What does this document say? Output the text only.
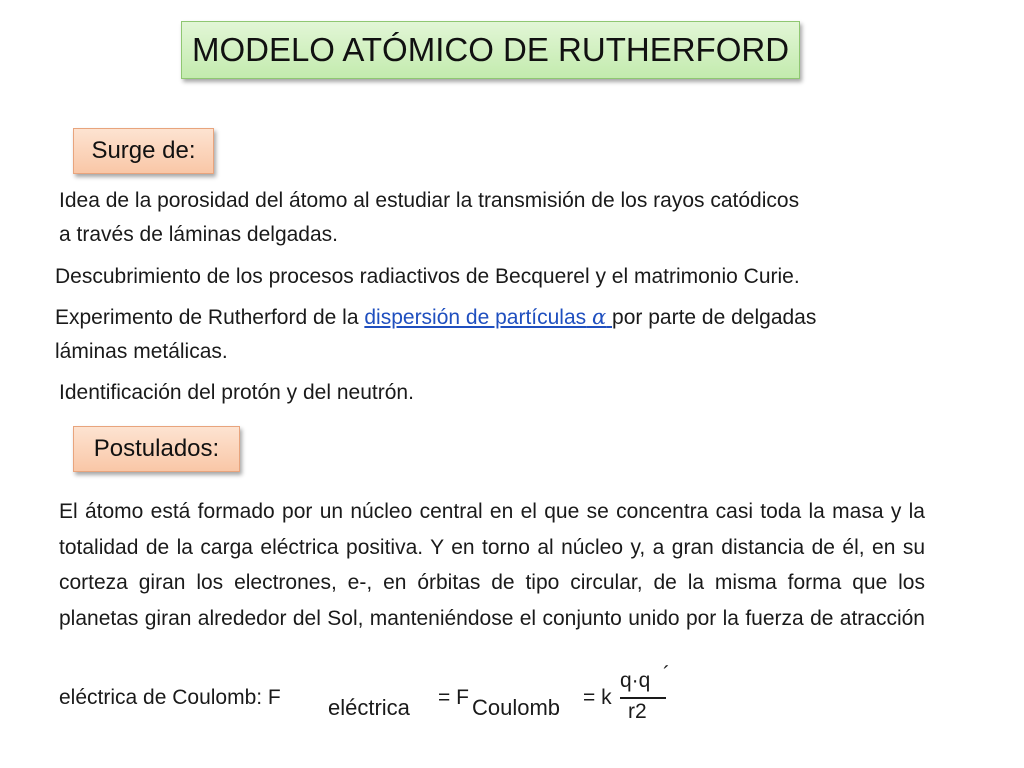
MODELO ATÓMICO DE RUTHERFORD
Surge de:

Idea de la porosidad del átomo al estudiar la transmisión de los rayos catódicos
a través de láminas delgadas.

Descubrimiento de los procesos radiactivos de Becquerel y el matrimonio Curie.

Experimento de Rutherford de la dispersión de partículas α por parte de delgadas
láminas metálicas.

Identificación del protón y del neutrón.

Postulados:

El átomo está formado por un núcleo central en el que se concentra casi toda la masa y la totalidad de la carga eléctrica positiva. Y en torno al núcleo y, a gran distancia de él, en su corteza giran los electrones, e-, en órbitas de tipo circular, de la misma forma que los planetas giran alrededor del Sol, manteniéndose el conjunto unido por la fuerza de atracción

eléctrica de Coulomb: F eléctrica = F Coulomb = k
q·q ´
r2
